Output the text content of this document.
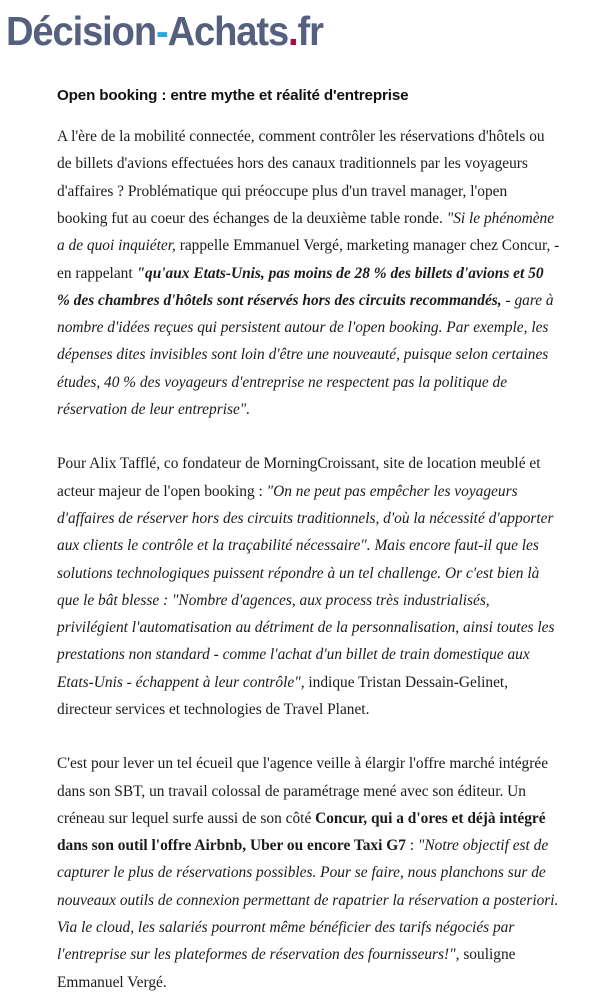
Décision-Achats.fr
Open booking : entre mythe et réalité d'entreprise

A l'ère de la mobilité connectée, comment contrôler les réservations d'hôtels ou de billets d'avions effectuées hors des canaux traditionnels par les voyageurs d'affaires ? Problématique qui préoccupe plus d'un travel manager, l'open booking fut au coeur des échanges de la deuxième table ronde. "Si le phénomène a de quoi inquiéter, rappelle Emmanuel Vergé, marketing manager chez Concur, -en rappelant "qu'aux Etats-Unis, pas moins de 28 % des billets d'avions et 50 % des chambres d'hôtels sont réservés hors des circuits recommandés, - gare à nombre d'idées reçues qui persistent autour de l'open booking. Par exemple, les dépenses dites invisibles sont loin d'être une nouveauté, puisque selon certaines études, 40 % des voyageurs d'entreprise ne respectent pas la politique de réservation de leur entreprise".

Pour Alix Tafflé, co fondateur de MorningCroissant, site de location meublé et acteur majeur de l'open booking : "On ne peut pas empêcher les voyageurs d'affaires de réserver hors des circuits traditionnels, d'où la nécessité d'apporter aux clients le contrôle et la traçabilité nécessaire". Mais encore faut-il que les solutions technologiques puissent répondre à un tel challenge. Or c'est bien là que le bât blesse : "Nombre d'agences, aux process très industrialisés, privilégient l'automatisation au détriment de la personnalisation, ainsi toutes les prestations non standard - comme l'achat d'un billet de train domestique aux Etats-Unis - échappent à leur contrôle", indique Tristan Dessain-Gelinet, directeur services et technologies de Travel Planet.

C'est pour lever un tel écueil que l'agence veille à élargir l'offre marché intégrée dans son SBT, un travail colossal de paramétrage mené avec son éditeur. Un créneau sur lequel surfe aussi de son côté Concur, qui a d'ores et déjà intégré dans son outil l'offre Airbnb, Uber ou encore Taxi G7 : "Notre objectif est de capturer le plus de réservations possibles. Pour se faire, nous planchons sur de nouveaux outils de connexion permettant de rapatrier la réservation a posteriori. Via le cloud, les salariés pourront même bénéficier des tarifs négociés par l'entreprise sur les plateformes de réservation des fournisseurs!", souligne Emmanuel Vergé.
